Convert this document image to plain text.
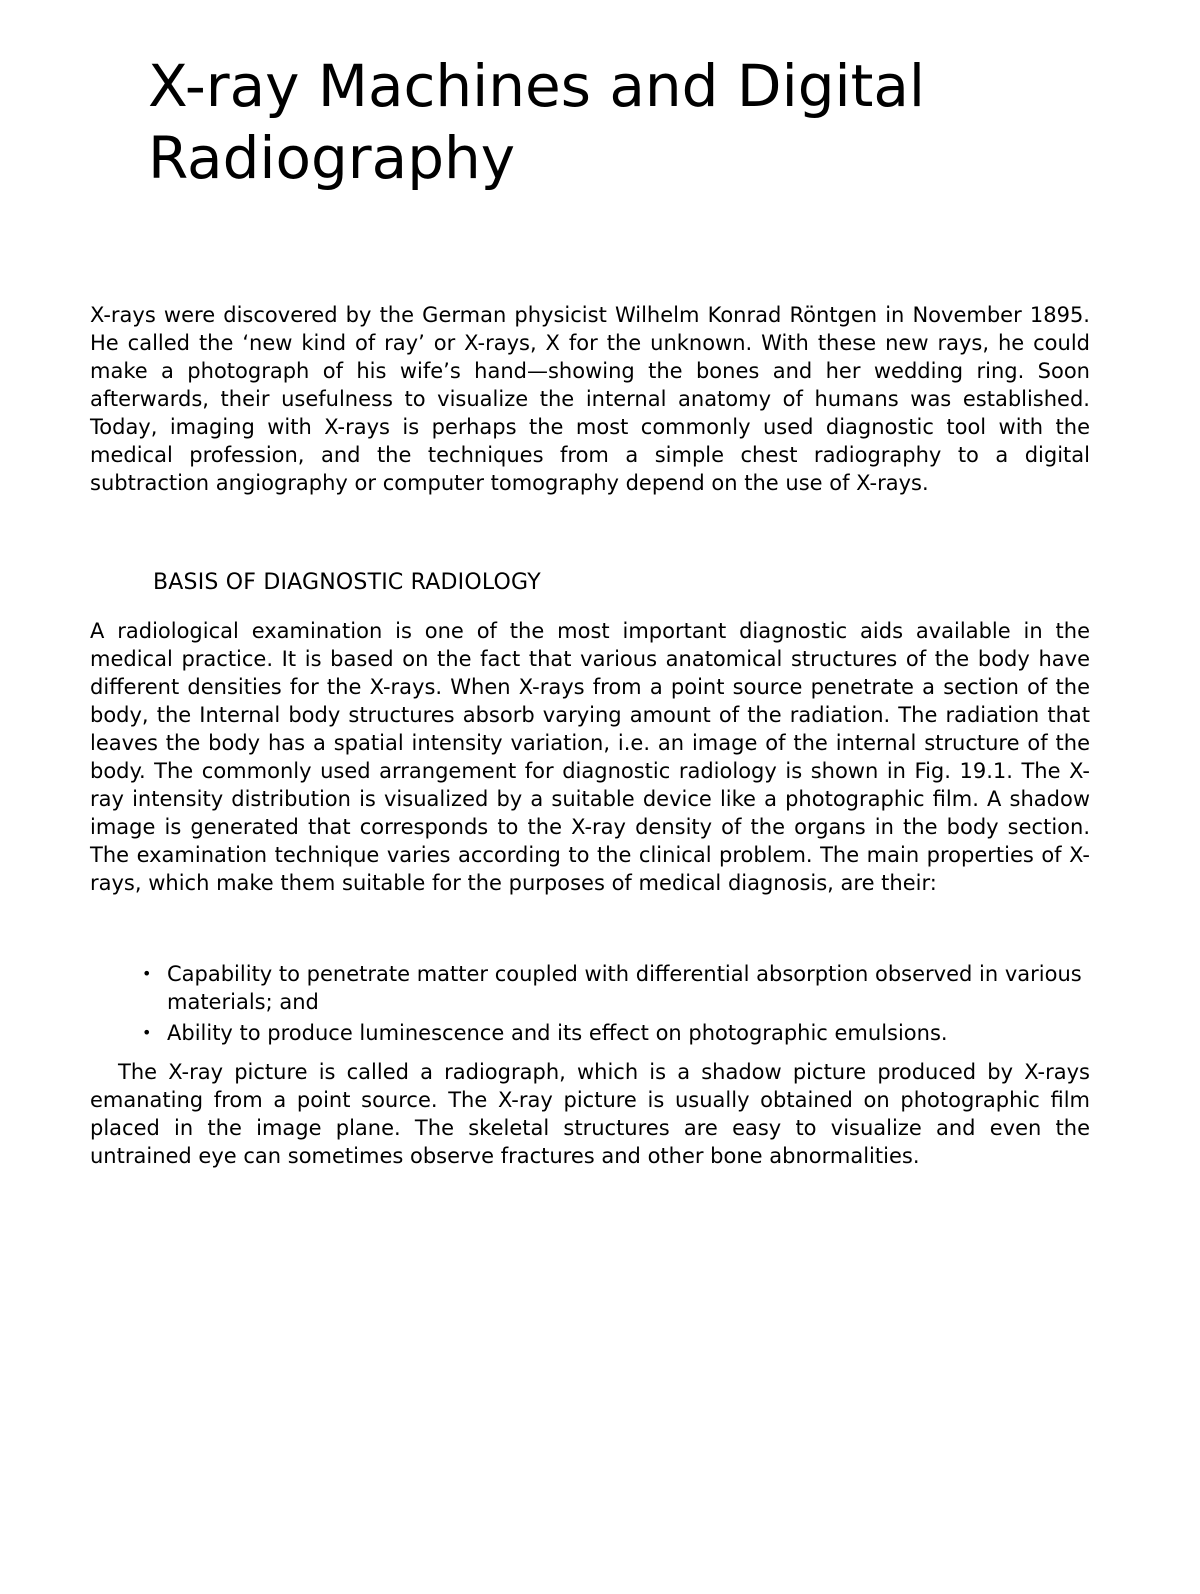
X-ray Machines and Digital Radiography

X-rays were discovered by the German physicist Wilhelm Konrad Röntgen in November 1895. He called the ‘new kind of ray’ or X-rays, X for the unknown. With these new rays, he could make a photograph of his wife’s hand—showing the bones and her wedding ring. Soon afterwards, their usefulness to visualize the internal anatomy of humans was established. Today, imaging with X-rays is perhaps the most commonly used diagnostic tool with the medical profession, and the techniques from a simple chest radiography to a digital subtraction angiography or computer tomography depend on the use of X-rays.

BASIS OF DIAGNOSTIC RADIOLOGY

A radiological examination is one of the most important diagnostic aids available in the medical practice. It is based on the fact that various anatomical structures of the body have different densities for the X-rays. When X-rays from a point source penetrate a section of the body, the Internal body structures absorb varying amount of the radiation. The radiation that leaves the body has a spatial intensity variation, i.e. an image of the internal structure of the body. The commonly used arrangement for diagnostic radiology is shown in Fig. 19.1. The X-ray intensity distribution is visualized by a suitable device like a photographic film. A shadow image is generated that corresponds to the X-ray density of the organs in the body section. The examination technique varies according to the clinical problem. The main properties of X-rays, which make them suitable for the purposes of medical diagnosis, are their:

• Capability to penetrate matter coupled with differential absorption observed in various materials; and
• Ability to produce luminescence and its effect on photographic emulsions.

The X-ray picture is called a radiograph, which is a shadow picture produced by X-rays emanating from a point source. The X-ray picture is usually obtained on photographic film placed in the image plane. The skeletal structures are easy to visualize and even the untrained eye can sometimes observe fractures and other bone abnormalities.
